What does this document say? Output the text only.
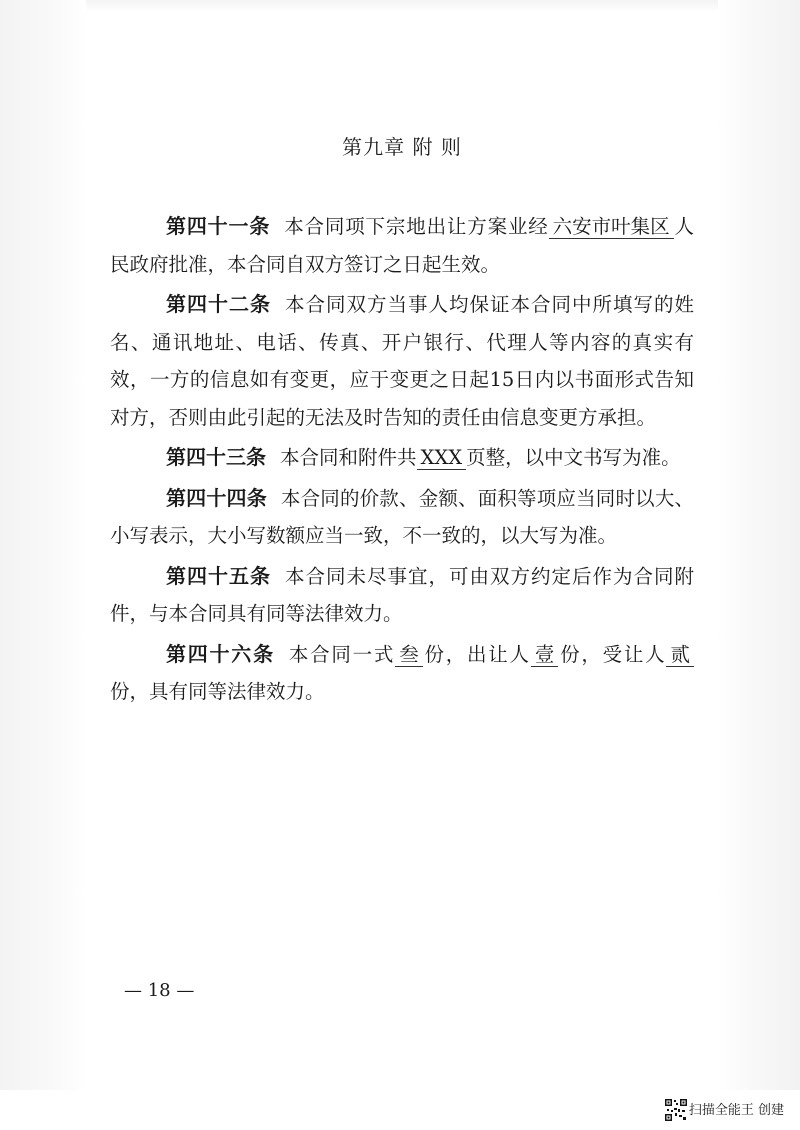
第九章 附 则

第四十一条 本合同项下宗地出让方案业经 六安市叶集区 人民政府批准，本合同自双方签订之日起生效。

第四十二条 本合同双方当事人均保证本合同中所填写的姓名、通讯地址、电话、传真、开户银行、代理人等内容的真实有效，一方的信息如有变更，应于变更之日起15日内以书面形式告知对方，否则由此引起的无法及时告知的责任由信息变更方承担。

第四十三条 本合同和附件共 XXX 页整，以中文书写为准。

第四十四条 本合同的价款、金额、面积等项应当同时以大、小写表示，大小写数额应当一致，不一致的，以大写为准。

第四十五条 本合同未尽事宜，可由双方约定后作为合同附件，与本合同具有同等法律效力。

第四十六条 本合同一式 叁 份，出让人 壹 份，受让人 贰份，具有同等法律效力。

— 18 —
扫描全能王 创建
